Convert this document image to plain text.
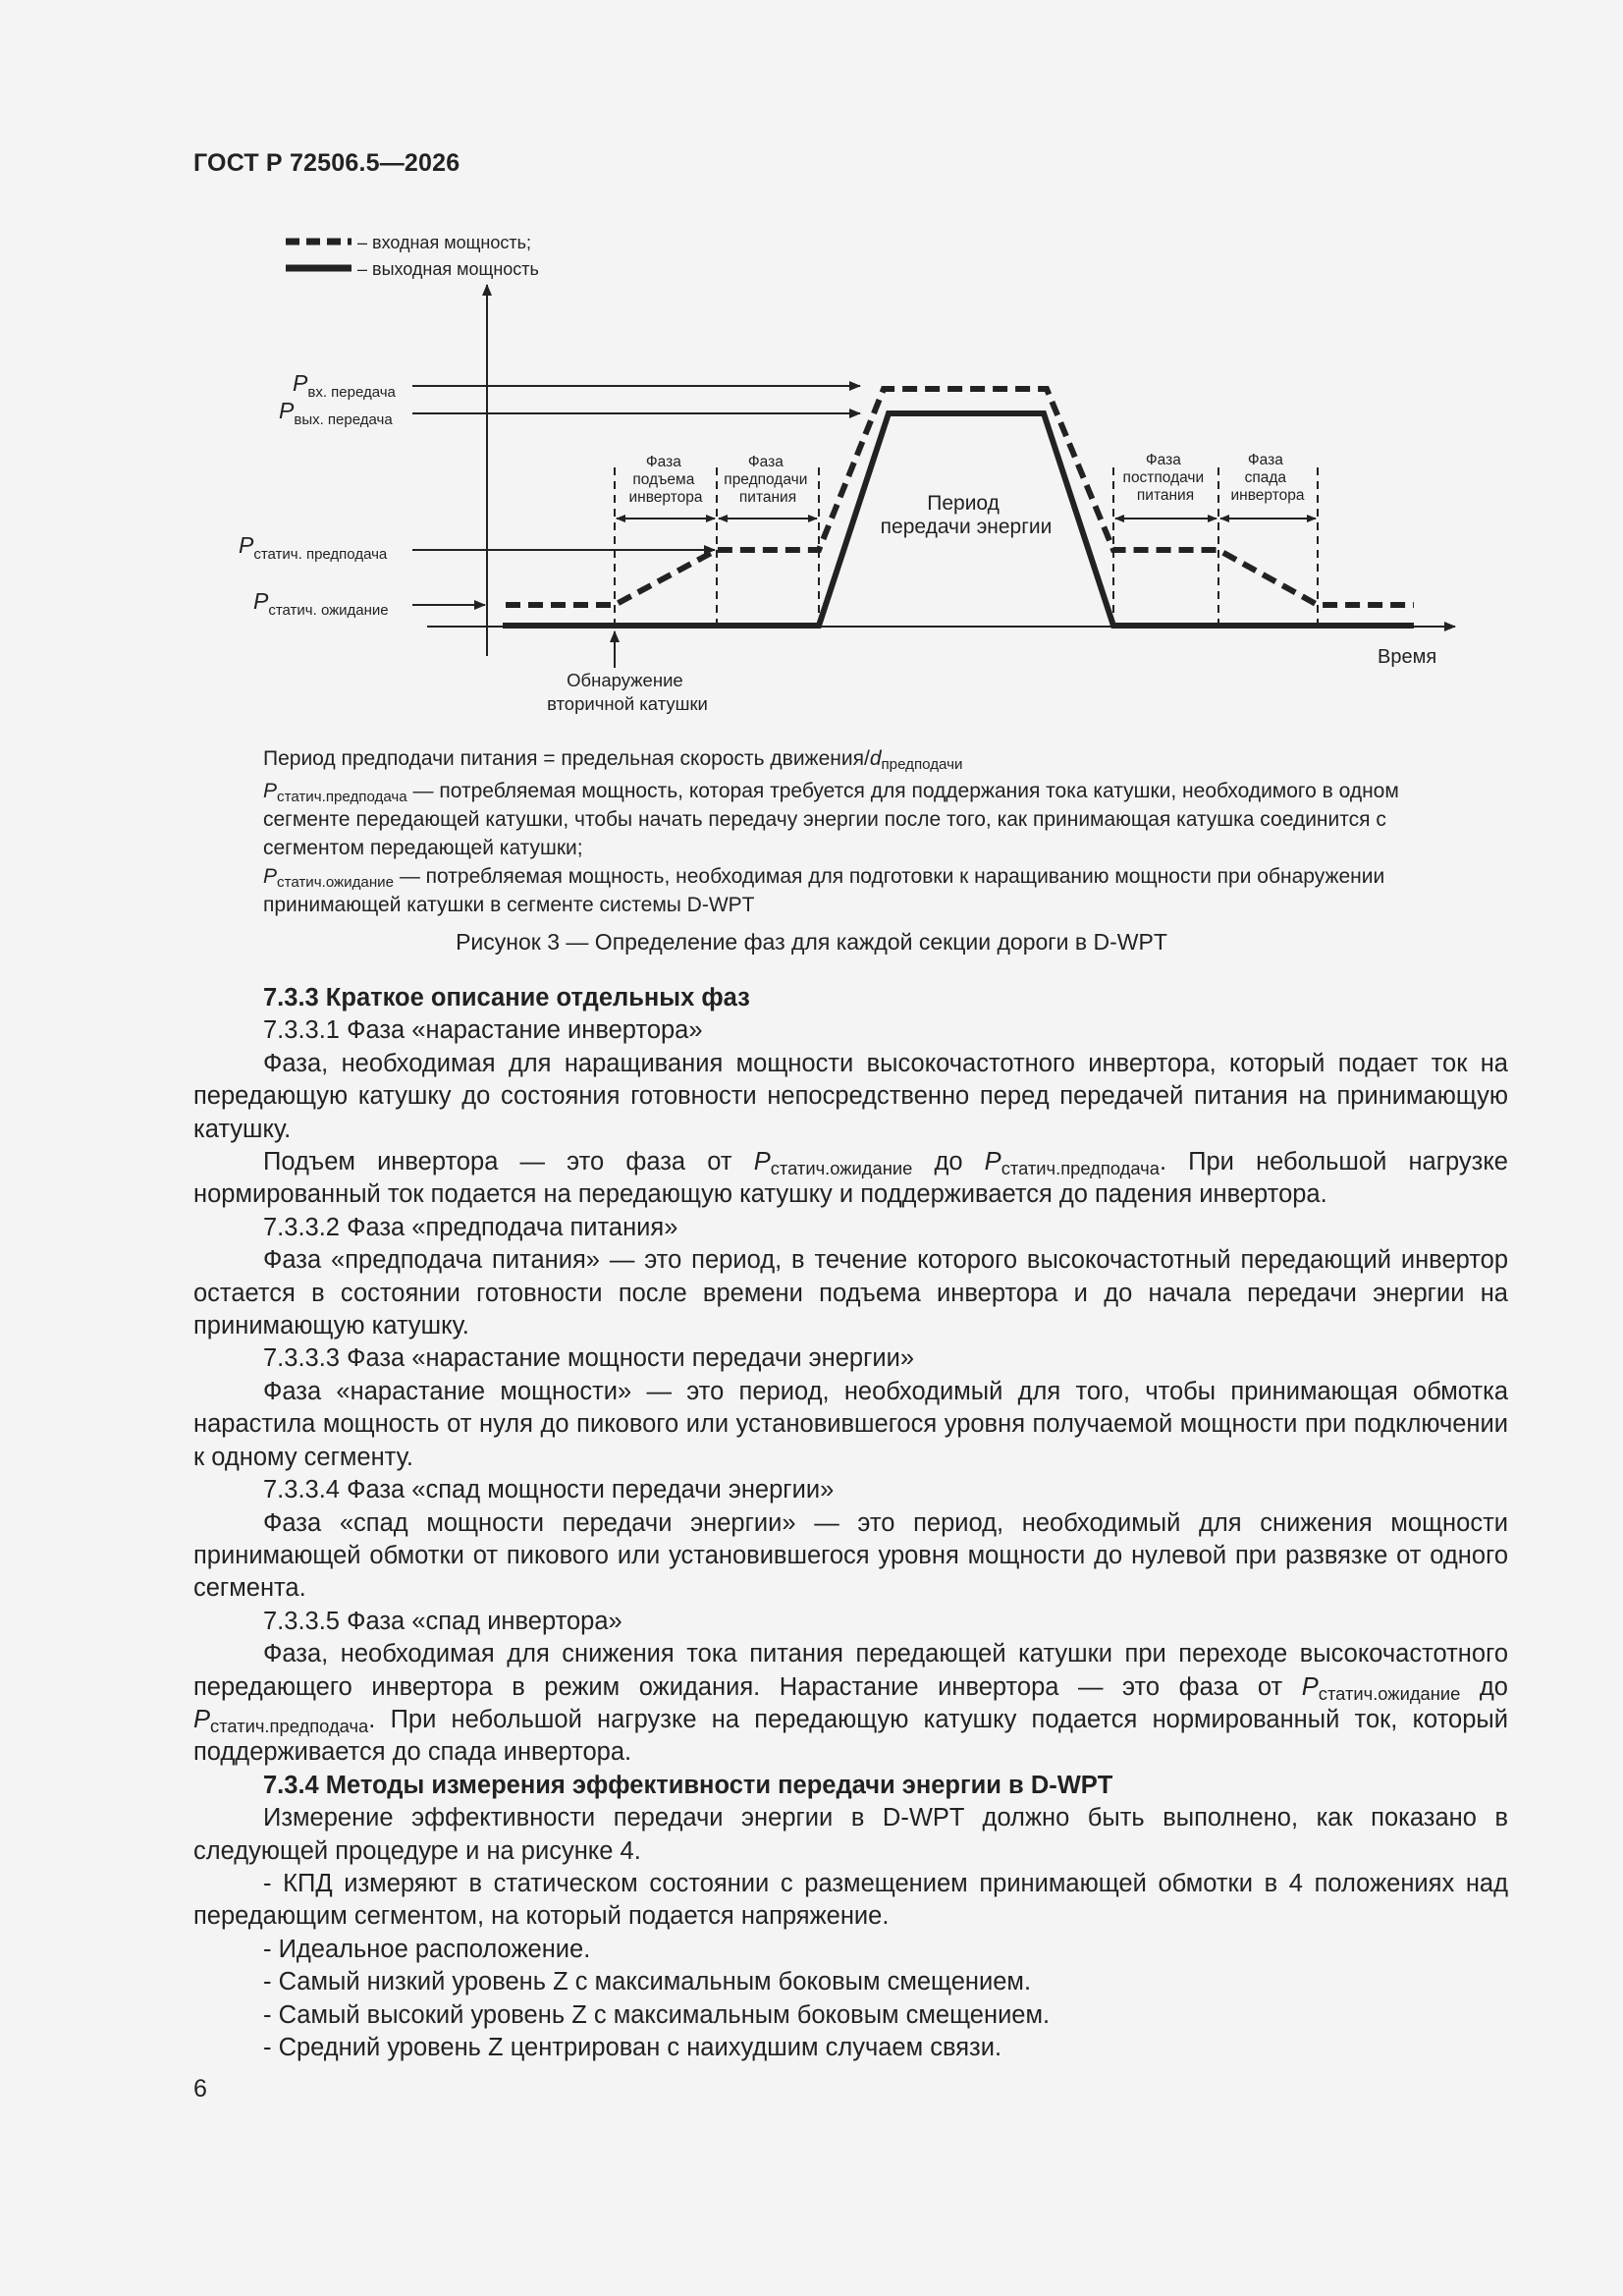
ГОСТ Р 72506.5—2026
– входная мощность;
– выходная мощность
Время
$P_{вх. передача}$
$P_{вых. передача}$
$P_{статич. предподача}$
$P_{статич. ожидание}$
Фаза подъема инвертора
Фаза предподачи питания
Фаза постподачи питания
Фаза спада инвертора
Период передачи энергии
Обнаружение вторичной катушки

Период предподачи питания = предельная скорость движения/$d_{предподачи}$

$P_{статич.предподача}$ — потребляемая мощность, которая требуется для поддержания тока катушки, необходимого в одном сегменте передающей катушки, чтобы начать передачу энергии после того, как принимающая катушка соединится с сегментом передающей катушки;

$P_{статич.ожидание}$ — потребляемая мощность, необходимая для подготовки к наращиванию мощности при обнаружении принимающей катушки в сегменте системы D-WPT

Рисунок 3 — Определение фаз для каждой секции дороги в D-WPT

7.3.3 Краткое описание отдельных фаз

7.3.3.1 Фаза «нарастание инвертора»

Фаза, необходимая для наращивания мощности высокочастотного инвертора, который подает ток на передающую катушку до состояния готовности непосредственно перед передачей питания на принимающую катушку.

Подъем инвертора — это фаза от $P_{статич.ожидание}$ до $P_{статич.предподача}$. При небольшой нагрузке нормированный ток подается на передающую катушку и поддерживается до падения инвертора.

7.3.3.2 Фаза «предподача питания»

Фаза «предподача питания» — это период, в течение которого высокочастотный передающий инвертор остается в состоянии готовности после времени подъема инвертора и до начала передачи энергии на принимающую катушку.

7.3.3.3 Фаза «нарастание мощности передачи энергии»

Фаза «нарастание мощности» — это период, необходимый для того, чтобы принимающая обмотка нарастила мощность от нуля до пикового или установившегося уровня получаемой мощности при подключении к одному сегменту.

7.3.3.4 Фаза «спад мощности передачи энергии»

Фаза «спад мощности передачи энергии» — это период, необходимый для снижения мощности принимающей обмотки от пикового или установившегося уровня мощности до нулевой при развязке от одного сегмента.

7.3.3.5 Фаза «спад инвертора»

Фаза, необходимая для снижения тока питания передающей катушки при переходе высокочастотного передающего инвертора в режим ожидания. Нарастание инвертора — это фаза от $P_{статич.ожидание}$ до $P_{статич.предподача}$. При небольшой нагрузке на передающую катушку подается нормированный ток, который поддерживается до спада инвертора.

7.3.4 Методы измерения эффективности передачи энергии в D-WPT

Измерение эффективности передачи энергии в D-WPT должно быть выполнено, как показано в следующей процедуре и на рисунке 4.

- КПД измеряют в статическом состоянии с размещением принимающей обмотки в 4 положениях над передающим сегментом, на который подается напряжение.

- Идеальное расположение.

- Самый низкий уровень Z с максимальным боковым смещением.

- Самый высокий уровень Z с максимальным боковым смещением.

- Средний уровень Z центрирован с наихудшим случаем связи.

6
